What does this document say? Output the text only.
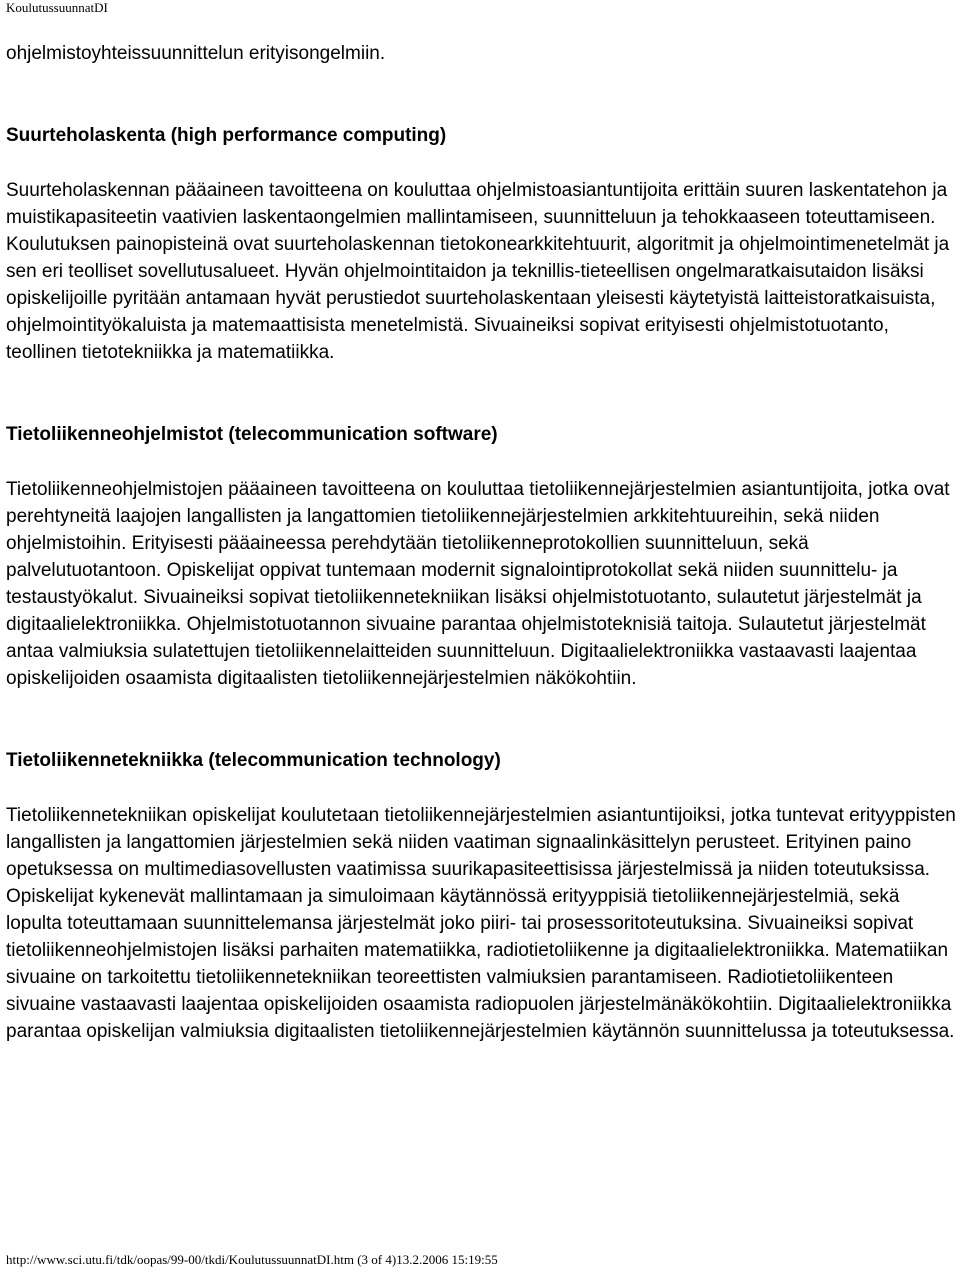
KoulutussuunnatDI

ohjelmistoyhteissuunnittelun erityisongelmiin.

Suurteholaskenta (high performance computing)

Suurteholaskennan pääaineen tavoitteena on kouluttaa ohjelmistoasiantuntijoita erittäin suuren laskentatehon ja muistikapasiteetin vaativien laskentaongelmien mallintamiseen, suunnitteluun ja tehokkaaseen toteuttamiseen. Koulutuksen painopisteinä ovat suurteholaskennan tietokonearkkitehtuurit, algoritmit ja ohjelmointimenetelmät ja sen eri teolliset sovellutusalueet. Hyvän ohjelmointitaidon ja teknillis-tieteellisen ongelmaratkaisutaidon lisäksi opiskelijoille pyritään antamaan hyvät perustiedot suurteholaskentaan yleisesti käytetyistä laitteistoratkaisuista, ohjelmointityökaluista ja matemaattisista menetelmistä. Sivuaineiksi sopivat erityisesti ohjelmistotuotanto, teollinen tietotekniikka ja matematiikka.

Tietoliikenneohjelmistot (telecommunication software)

Tietoliikenneohjelmistojen pääaineen tavoitteena on kouluttaa tietoliikennejärjestelmien asiantuntijoita, jotka ovat perehtyneitä laajojen langallisten ja langattomien tietoliikennejärjestelmien arkkitehtuureihin, sekä niiden ohjelmistoihin. Erityisesti pääaineessa perehdytään tietoliikenneprotokollien suunnitteluun, sekä palvelutuotantoon. Opiskelijat oppivat tuntemaan modernit signalointiprotokollat sekä niiden suunnittelu- ja testaustyökalut. Sivuaineiksi sopivat tietoliikennetekniikan lisäksi ohjelmistotuotanto, sulautetut järjestelmät ja digitaalielektroniikka. Ohjelmistotuotannon sivuaine parantaa ohjelmistoteknisiä taitoja. Sulautetut järjestelmät antaa valmiuksia sulatettujen tietoliikennelaitteiden suunnitteluun. Digitaalielektroniikka vastaavasti laajentaa opiskelijoiden osaamista digitaalisten tietoliikennejärjestelmien näkökohtiin.

Tietoliikennetekniikka (telecommunication technology)

Tietoliikennetekniikan opiskelijat koulutetaan tietoliikennejärjestelmien asiantuntijoiksi, jotka tuntevat erityyppisten langallisten ja langattomien järjestelmien sekä niiden vaatiman signaalinkäsittelyn perusteet. Erityinen paino opetuksessa on multimediasovellusten vaatimissa suurikapasiteettisissa järjestelmissä ja niiden toteutuksissa. Opiskelijat kykenevät mallintamaan ja simuloimaan käytännössä erityyppisiä tietoliikennejärjestelmiä, sekä lopulta toteuttamaan suunnittelemansa järjestelmät joko piiri- tai prosessoritoteutuksina. Sivuaineiksi sopivat tietoliikenneohjelmistojen lisäksi parhaiten matematiikka, radiotietoliikenne ja digitaalielektroniikka. Matematiikan sivuaine on tarkoitettu tietoliikennetekniikan teoreettisten valmiuksien parantamiseen. Radiotietoliikenteen sivuaine vastaavasti laajentaa opiskelijoiden osaamista radiopuolen järjestelmänäkökohtiin. Digitaalielektroniikka parantaa opiskelijan valmiuksia digitaalisten tietoliikennejärjestelmien käytännön suunnittelussa ja toteutuksessa.

http://www.sci.utu.fi/tdk/oopas/99-00/tkdi/KoulutussuunnatDI.htm (3 of 4)13.2.2006 15:19:55
